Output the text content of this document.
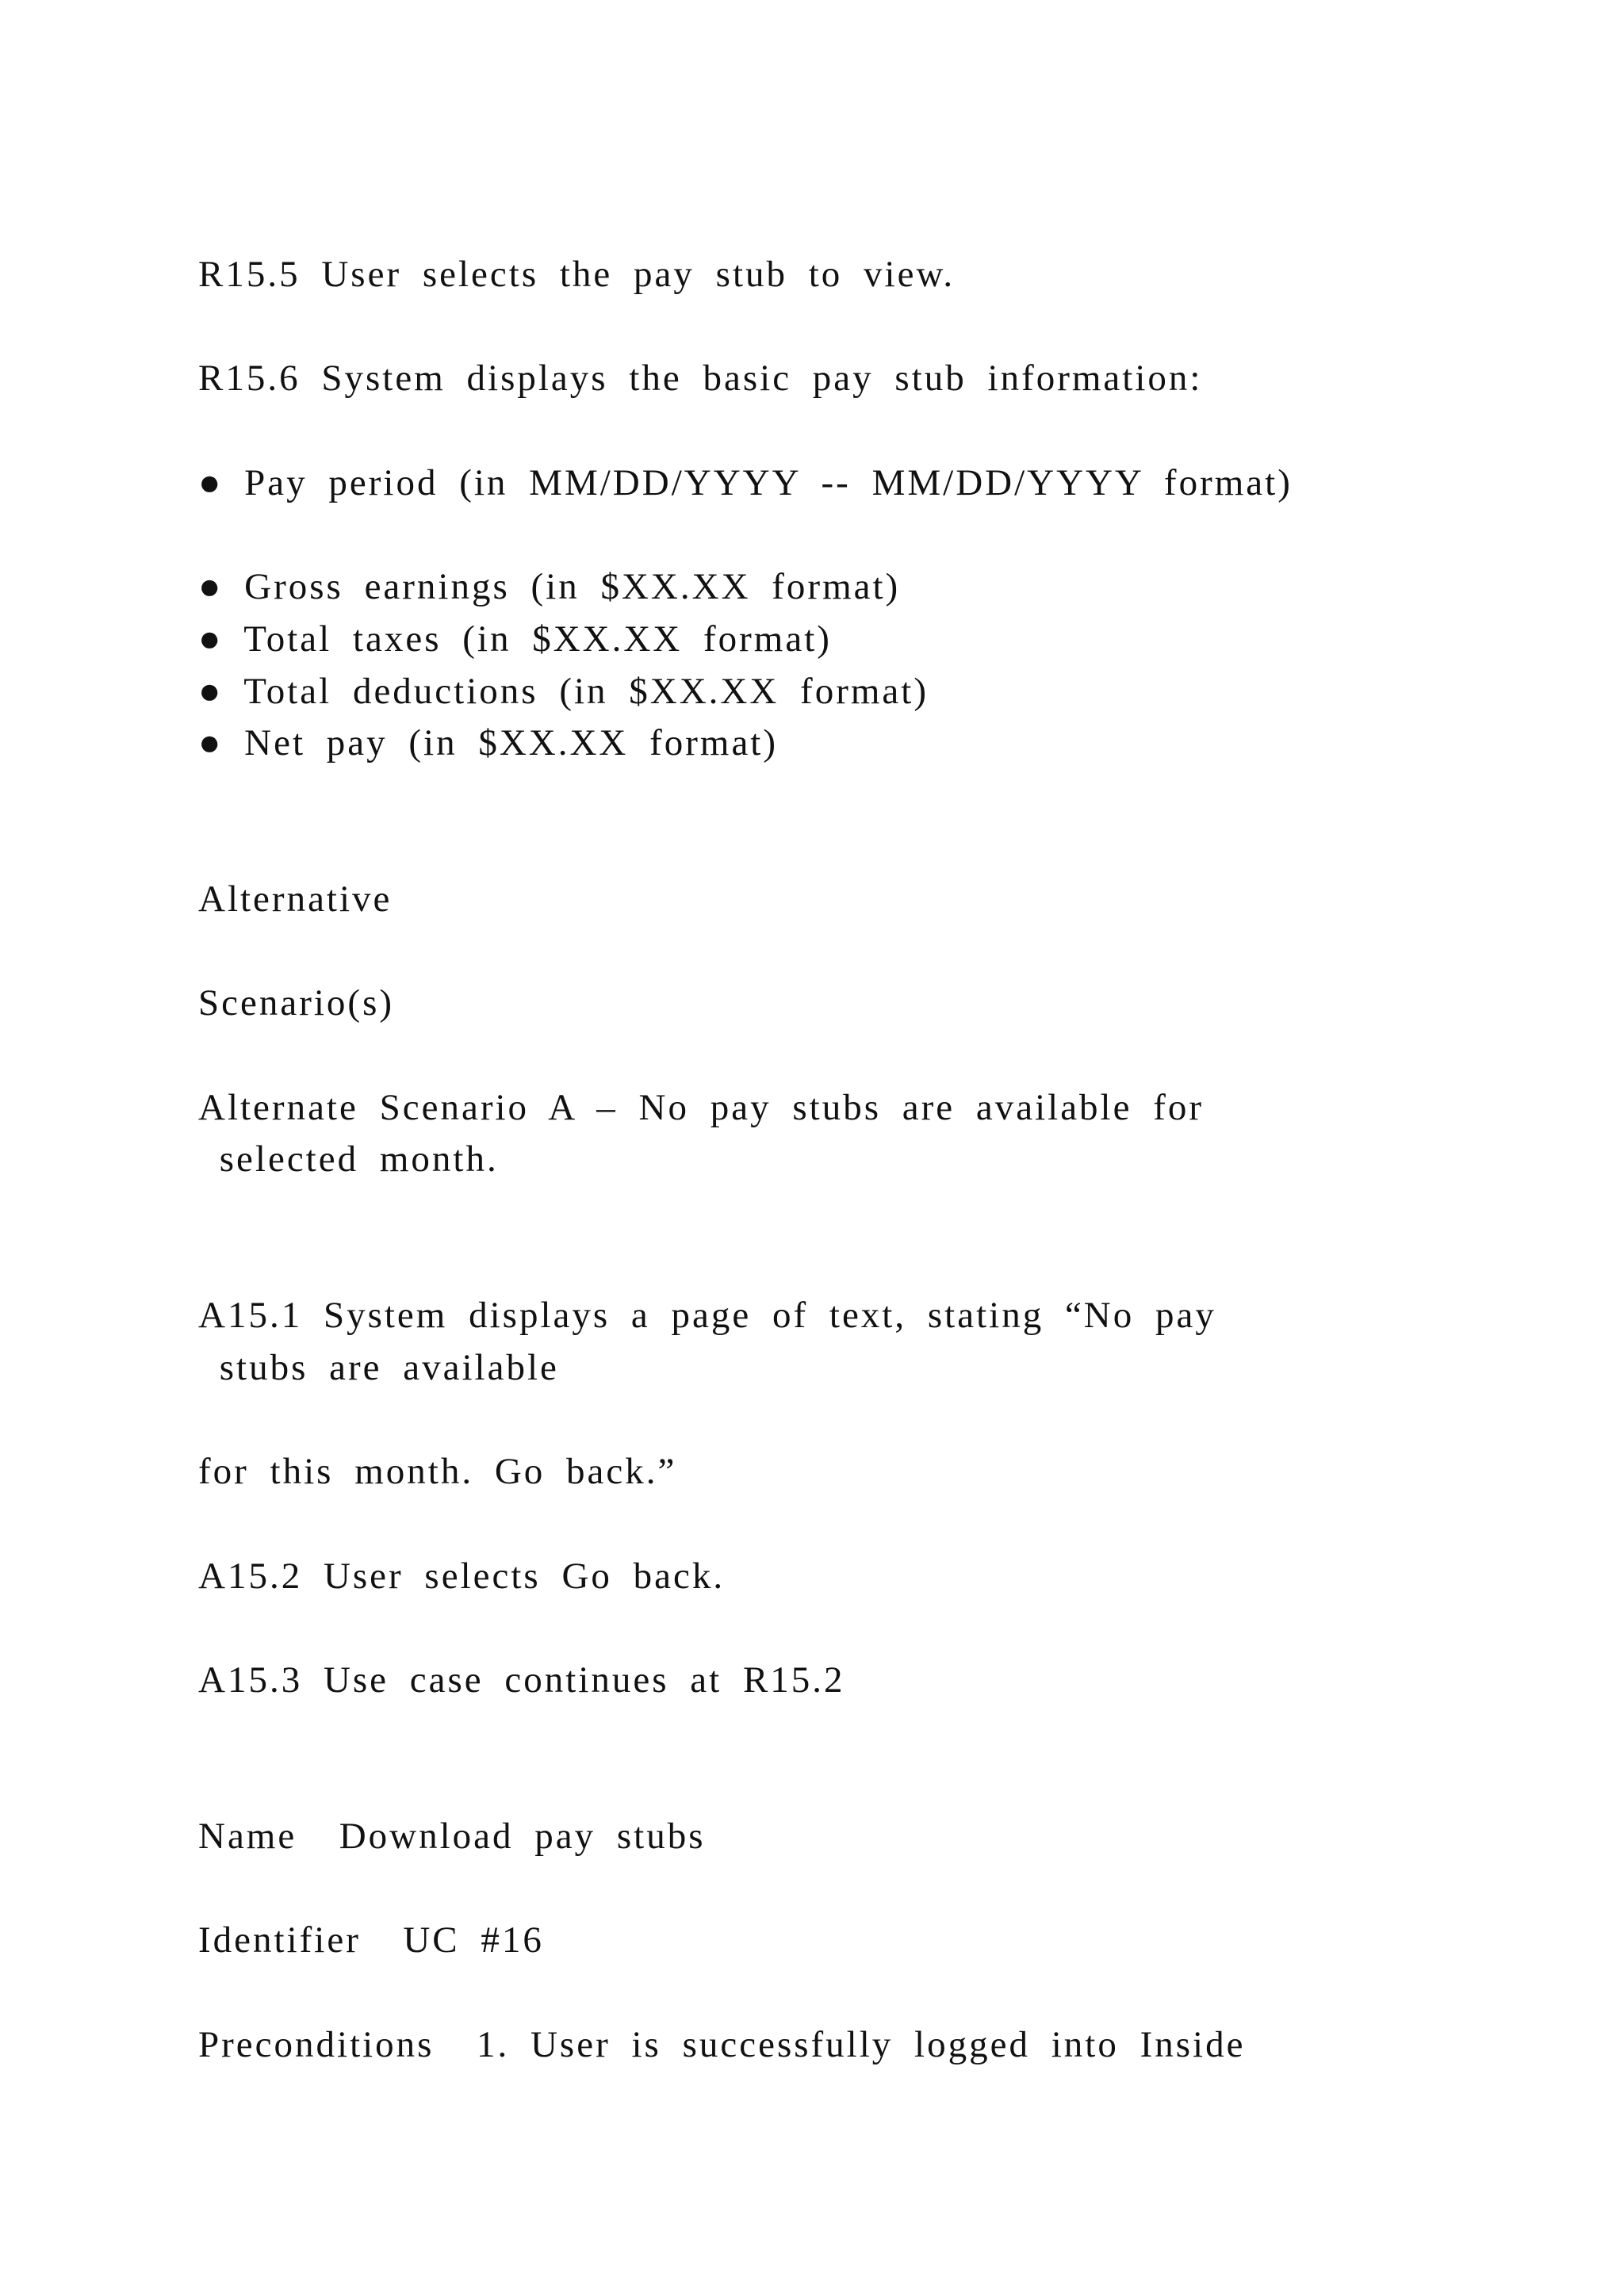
R15.5 User selects the pay stub to view.
R15.6 System displays the basic pay stub information:
● Pay period (in MM/DD/YYYY -- MM/DD/YYYY format)
● Gross earnings (in $XX.XX format)
● Total taxes (in $XX.XX format)
● Total deductions (in $XX.XX format)
● Net pay (in $XX.XX format)
Alternative
Scenario(s)
Alternate Scenario A – No pay stubs are available for
selected month.
A15.1 System displays a page of text, stating “No pay
stubs are available
for this month. Go back.”
A15.2 User selects Go back.
A15.3 Use case continues at R15.2
Name  Download pay stubs
Identifier  UC #16
Preconditions  1. User is successfully logged into Inside
